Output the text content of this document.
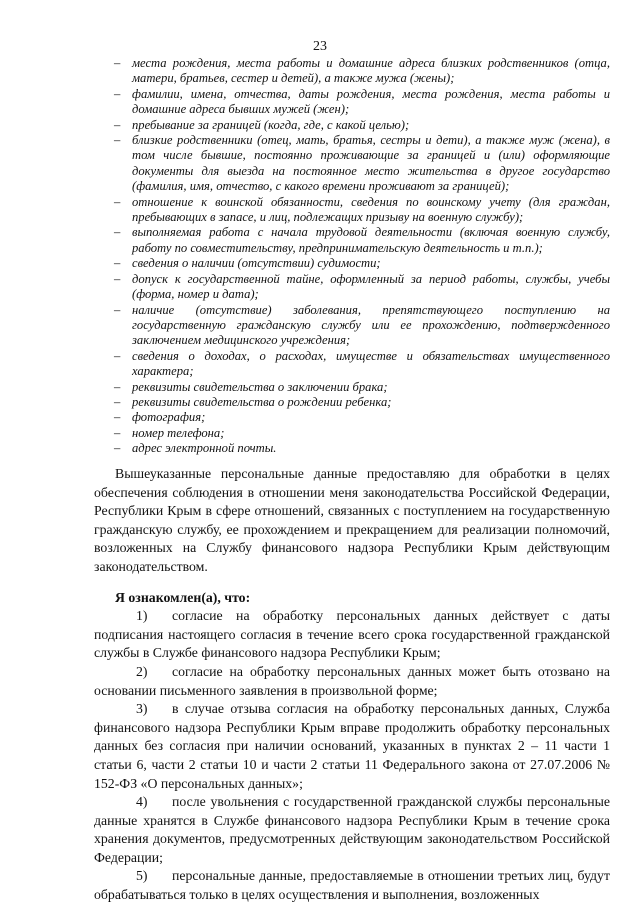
23
– места рождения, места работы и домашние адреса близких родственников (отца, матери, братьев, сестер и детей), а также мужа (жены);
– фамилии, имена, отчества, даты рождения, места рождения, места работы и домашние адреса бывших мужей (жен);
– пребывание за границей (когда, где, с какой целью);
– близкие родственники (отец, мать, братья, сестры и дети), а также муж (жена), в том числе бывшие, постоянно проживающие за границей и (или) оформляющие документы для выезда на постоянное место жительства в другое государство (фамилия, имя, отчество, с какого времени проживают за границей);
– отношение к воинской обязанности, сведения по воинскому учету (для граждан, пребывающих в запасе, и лиц, подлежащих призыву на военную службу);
– выполняемая работа с начала трудовой деятельности (включая военную службу, работу по совместительству, предпринимательскую деятельность и т.п.);
– сведения о наличии (отсутствии) судимости;
– допуск к государственной тайне, оформленный за период работы, службы, учебы (форма, номер и дата);
– наличие (отсутствие) заболевания, препятствующего поступлению на государственную гражданскую службу или ее прохождению, подтвержденного заключением медицинского учреждения;
– сведения о доходах, о расходах, имуществе и обязательствах имущественного характера;
– реквизиты свидетельства о заключении брака;
– реквизиты свидетельства о рождении ребенка;
– фотография;
– номер телефона;
– адрес электронной почты.

Вышеуказанные персональные данные предоставляю для обработки в целях обеспечения соблюдения в отношении меня законодательства Российской Федерации, Республики Крым в сфере отношений, связанных с поступлением на государственную гражданскую службу, ее прохождением и прекращением для реализации полномочий, возложенных на Службу финансового надзора Республики Крым действующим законодательством.

Я ознакомлен(а), что:

1) согласие на обработку персональных данных действует с даты подписания настоящего согласия в течение всего срока государственной гражданской службы в Службе финансового надзора Республики Крым;

2) согласие на обработку персональных данных может быть отозвано на основании письменного заявления в произвольной форме;

3) в случае отзыва согласия на обработку персональных данных, Служба финансового надзора Республики Крым вправе продолжить обработку персональных данных без согласия при наличии оснований, указанных в пунктах 2 – 11 части 1 статьи 6, части 2 статьи 10 и части 2 статьи 11 Федерального закона от 27.07.2006 № 152-ФЗ «О персональных данных»;

4) после увольнения с государственной гражданской службы персональные данные хранятся в Службе финансового надзора Республики Крым в течение срока хранения документов, предусмотренных действующим законодательством Российской Федерации;

5) персональные данные, предоставляемые в отношении третьих лиц, будут обрабатываться только в целях осуществления и выполнения, возложенных
